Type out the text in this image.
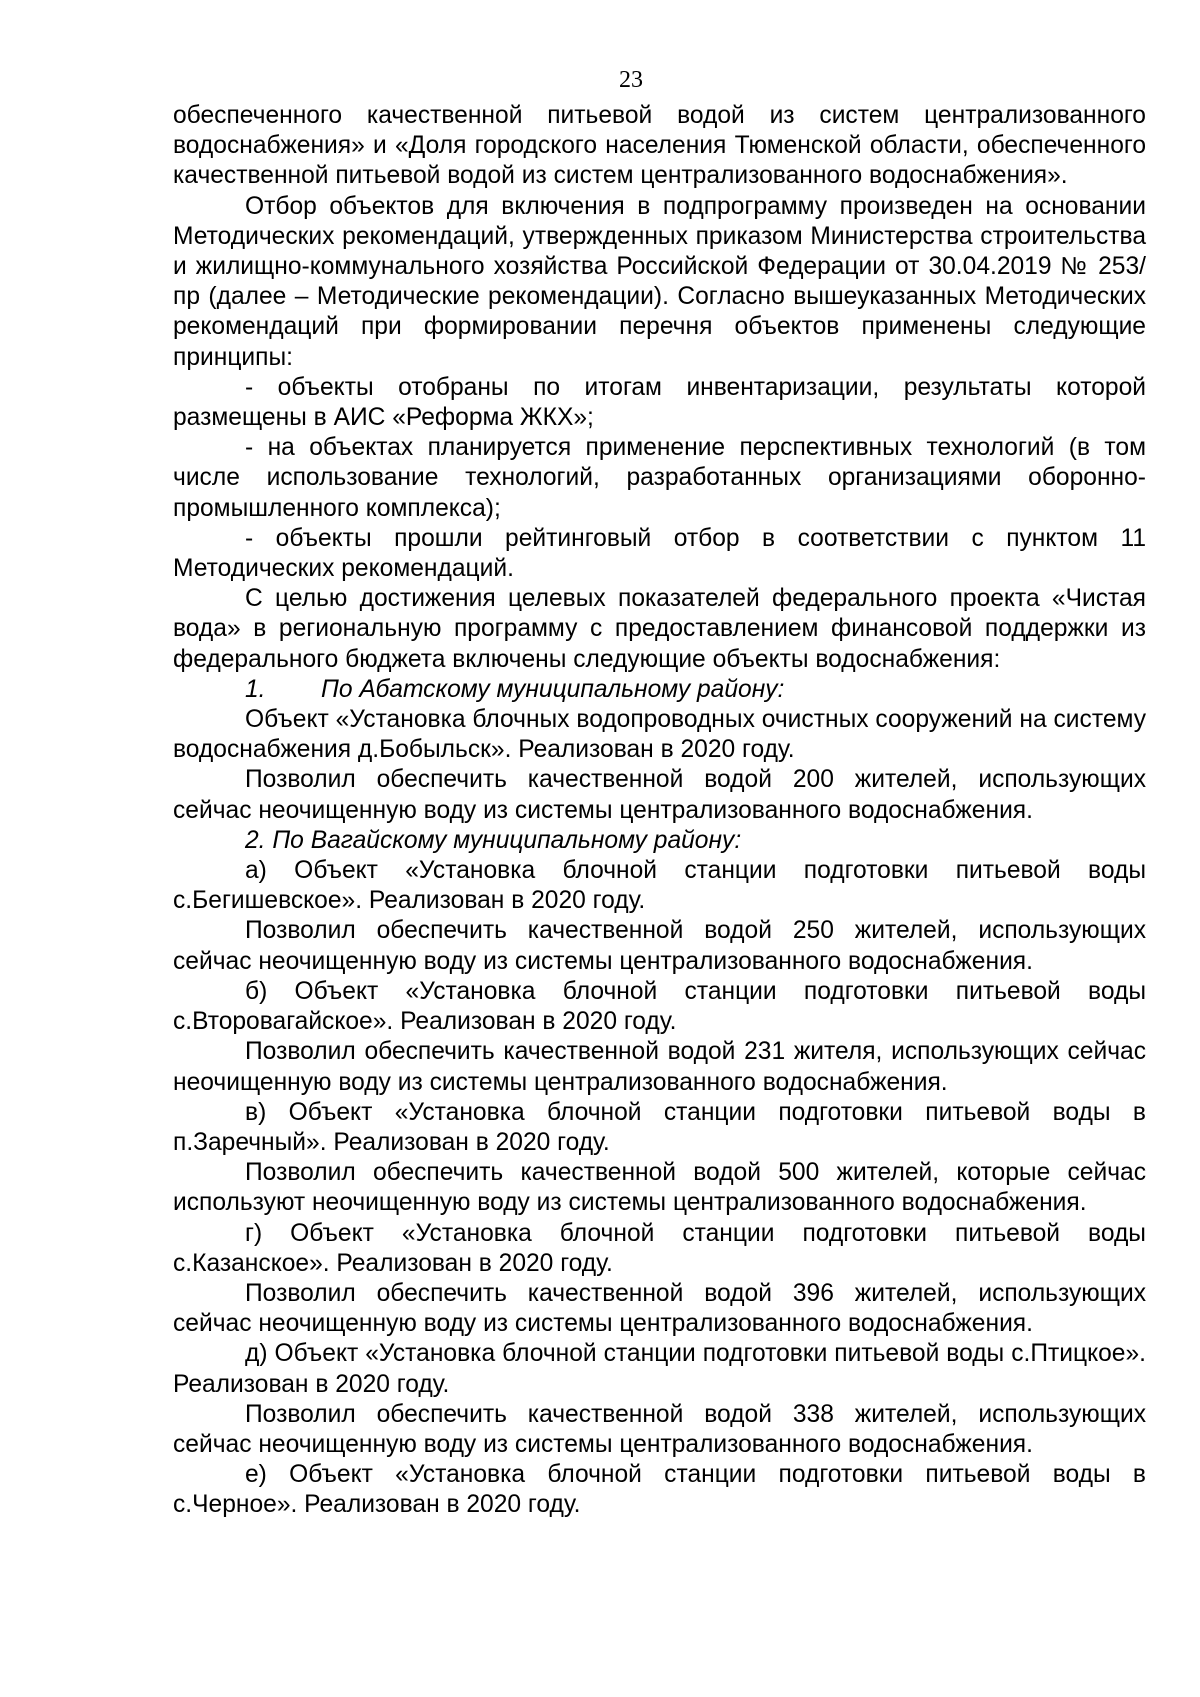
23

обеспеченного качественной питьевой водой из систем централизованного водоснабжения» и «Доля городского населения Тюменской области, обеспеченного качественной питьевой водой из систем централизованного водоснабжения».

Отбор объектов для включения в подпрограмму произведен на основании Методических рекомендаций, утвержденных приказом Министерства строительства и жилищно-коммунального хозяйства Российской Федерации от 30.04.2019 № 253/пр (далее – Методические рекомендации). Согласно вышеуказанных Методических рекомендаций при формировании перечня объектов применены следующие принципы:

- объекты отобраны по итогам инвентаризации, результаты которой размещены в АИС «Реформа ЖКХ»;

- на объектах планируется применение перспективных технологий (в том числе использование технологий, разработанных организациями оборонно-промышленного комплекса);

- объекты прошли рейтинговый отбор в соответствии с пунктом 11 Методических рекомендаций.

С целью достижения целевых показателей федерального проекта «Чистая вода» в региональную программу с предоставлением финансовой поддержки из федерального бюджета включены следующие объекты водоснабжения:

1. По Абатскому муниципальному району:

Объект «Установка блочных водопроводных очистных сооружений на систему водоснабжения д.Бобыльск». Реализован в 2020 году.

Позволил обеспечить качественной водой 200 жителей, использующих сейчас неочищенную воду из системы централизованного водоснабжения.

2. По Вагайскому муниципальному району:

а) Объект «Установка блочной станции подготовки питьевой воды с.Бегишевское». Реализован в 2020 году.

Позволил обеспечить качественной водой 250 жителей, использующих сейчас неочищенную воду из системы централизованного водоснабжения.

б) Объект «Установка блочной станции подготовки питьевой воды с.Второвагайское». Реализован в 2020 году.

Позволил обеспечить качественной водой 231 жителя, использующих сейчас неочищенную воду из системы централизованного водоснабжения.

в) Объект «Установка блочной станции подготовки питьевой воды в п.Заречный». Реализован в 2020 году.

Позволил обеспечить качественной водой 500 жителей, которые сейчас используют неочищенную воду из системы централизованного водоснабжения.

г) Объект «Установка блочной станции подготовки питьевой воды с.Казанское». Реализован в 2020 году.

Позволил обеспечить качественной водой 396 жителей, использующих сейчас неочищенную воду из системы централизованного водоснабжения.

д) Объект «Установка блочной станции подготовки питьевой воды с.Птицкое». Реализован в 2020 году.

Позволил обеспечить качественной водой 338 жителей, использующих сейчас неочищенную воду из системы централизованного водоснабжения.

е) Объект «Установка блочной станции подготовки питьевой воды в с.Черное». Реализован в 2020 году.
